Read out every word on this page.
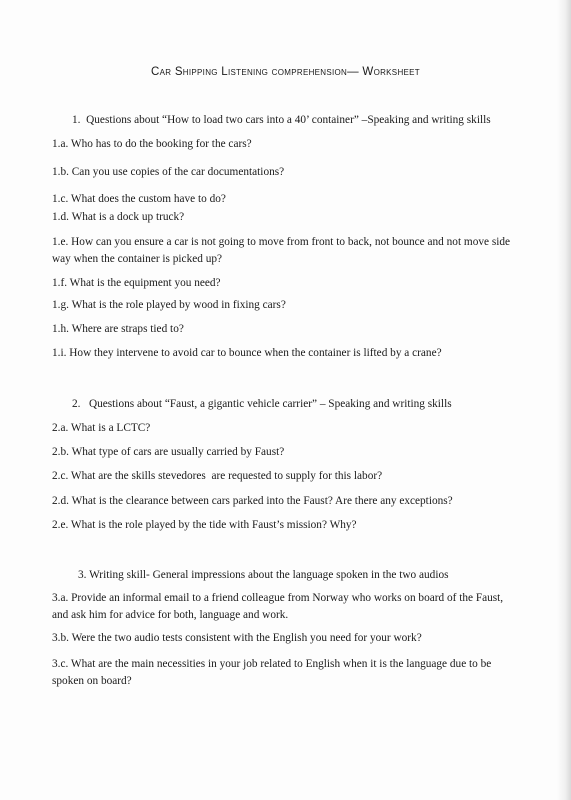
Car Shipping Listening comprehension— Worksheet
1.  Questions about “How to load two cars into a 40’ container” –Speaking and writing skills
1.a. Who has to do the booking for the cars?
1.b. Can you use copies of the car documentations?
1.c. What does the custom have to do?
1.d. What is a dock up truck?
1.e. How can you ensure a car is not going to move from front to back, not bounce and not move side way when the container is picked up?
1.f. What is the equipment you need?
1.g. What is the role played by wood in fixing cars?
1.h. Where are straps tied to?
1.i. How they intervene to avoid car to bounce when the container is lifted by a crane?
2.   Questions about “Faust, a gigantic vehicle carrier” – Speaking and writing skills
2.a. What is a LCTC?
2.b. What type of cars are usually carried by Faust?
2.c. What are the skills stevedores  are requested to supply for this labor?
2.d. What is the clearance between cars parked into the Faust? Are there any exceptions?
2.e. What is the role played by the tide with Faust’s mission? Why?
3. Writing skill- General impressions about the language spoken in the two audios
3.a. Provide an informal email to a friend colleague from Norway who works on board of the Faust, and ask him for advice for both, language and work.
3.b. Were the two audio tests consistent with the English you need for your work?
3.c. What are the main necessities in your job related to English when it is the language due to be spoken on board?
